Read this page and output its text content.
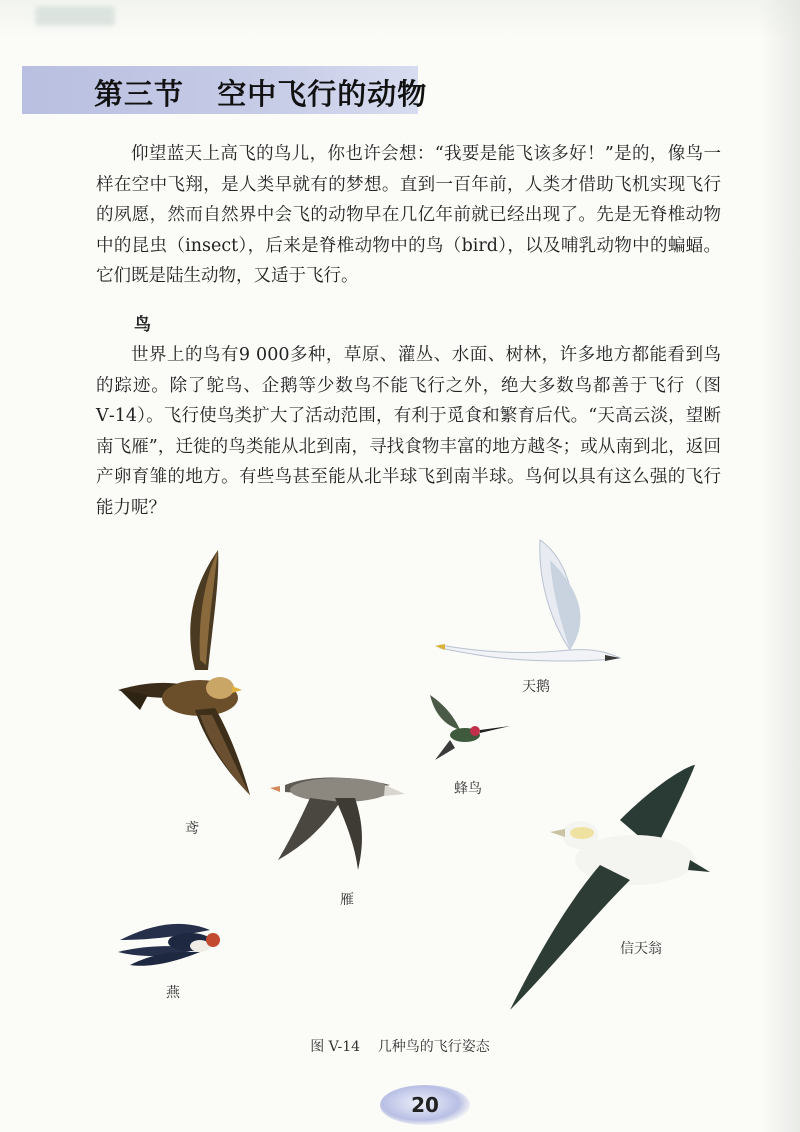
第三节   空中飞行的动物

仰望蓝天上高飞的鸟儿，你也许会想：“我要是能飞该多好！”是的，像鸟一样在空中飞翔，是人类早就有的梦想。直到一百年前，人类才借助飞机实现飞行的夙愿，然而自然界中会飞的动物早在几亿年前就已经出现了。先是无脊椎动物中的昆虫（insect），后来是脊椎动物中的鸟（bird），以及哺乳动物中的蝙蝠。它们既是陆生动物，又适于飞行。

鸟

世界上的鸟有9 000多种，草原、灌丛、水面、树林，许多地方都能看到鸟的踪迹。除了鸵鸟、企鹅等少数鸟不能飞行之外，绝大多数鸟都善于飞行（图Ⅴ-14）。飞行使鸟类扩大了活动范围，有利于觅食和繁育后代。“天高云淡，望断南飞雁”，迁徙的鸟类能从北到南，寻找食物丰富的地方越冬；或从南到北，返回产卵育雏的地方。有些鸟甚至能从北半球飞到南半球。鸟何以具有这么强的飞行能力呢？

鸢
雁
燕
天鹅
蜂鸟
信天翁
图 V-14    几种鸟的飞行姿态
20
